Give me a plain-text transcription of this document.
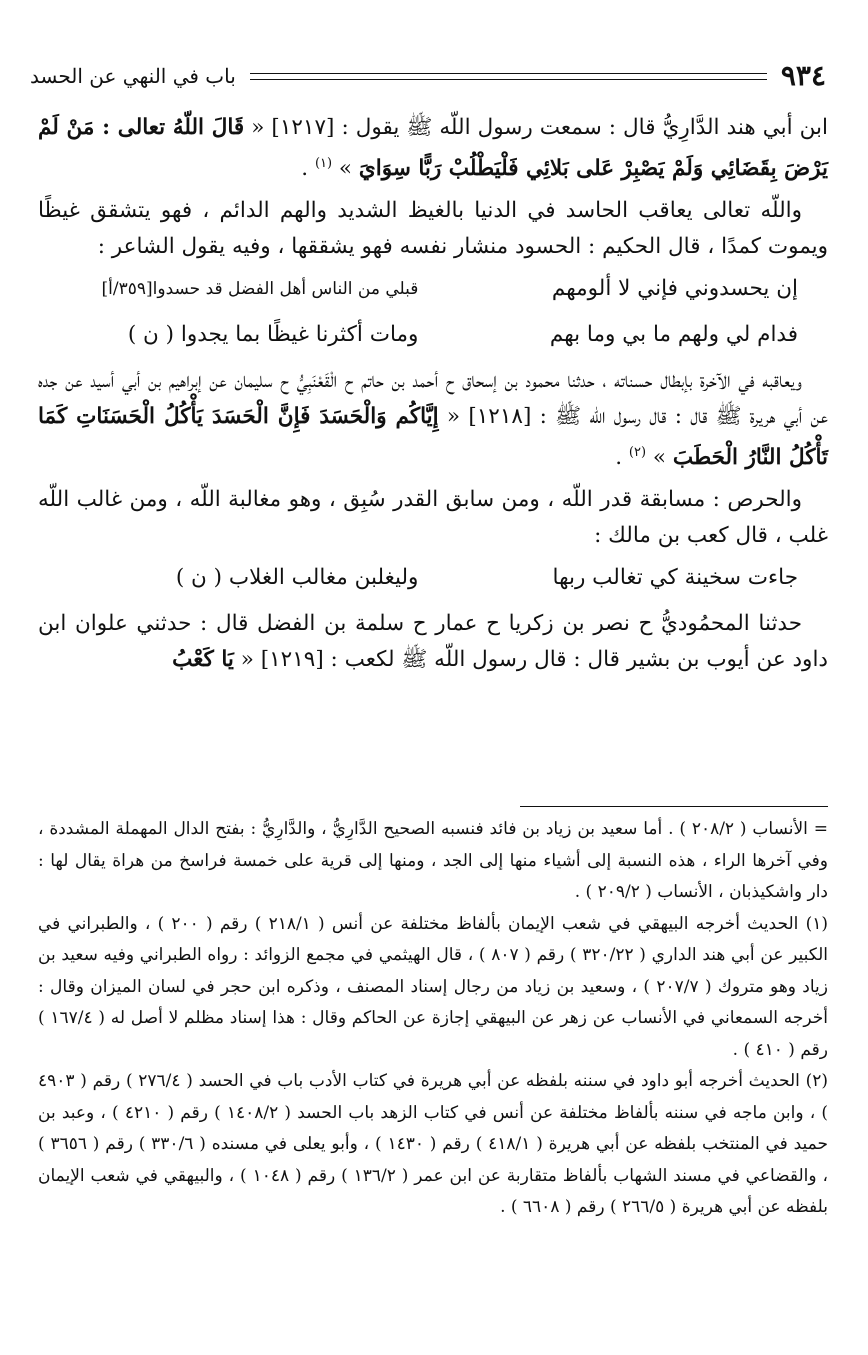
٩٣٤
باب في النهي عن الحسد

ابن أبي هند الدَّارِيُّ قال : سمعت رسول اللّه ﷺ يقول : [١٢١٧] « قَالَ اللّهُ تعالى : مَنْ لَمْ يَرْضَ بِقَضَائِي وَلَمْ يَصْبِرْ عَلى بَلائِي فَلْيَطْلُبْ رَبًّا سِوَايَ » $^{(١)}$ .

واللّه تعالى يعاقب الحاسد في الدنيا بالغيظ الشديد والهم الدائم ، فهو يتشقق غيظًا ويموت كمدًا ، قال الحكيم : الحسود منشار نفسه فهو يشققها ، وفيه يقول الشاعر :

إن يحسدوني فإني لا ألومهم
قبلي من الناس أهل الفضل قد حسدوا[٣٥٩/أ]
فدام لي ولهم ما بي وما بهم
ومات أكثرنا غيظًا بما يجدوا ( ن )

ويعاقبه في الآخرة بإبطال حسناته ، حدثنا محمود بن إسحاق ح أحمد بن حاتم ح الْقَعْنَبِيُّ ح سليمان عن إبراهيم بن أبي أسيد عن جده عن أبي هريرة ﷺ قال : قال رسول اللّه ﷺ : [١٢١٨] « إِيَّاكُم وَالْحَسَدَ فَإِنَّ الْحَسَدَ يَأْكُلُ الْحَسَنَاتِ كَمَا تَأْكُلُ النَّارُ الْحَطَبَ » $^{(٢)}$ .

والحرص : مسابقة قدر اللّه ، ومن سابق القدر سُبِق ، وهو مغالبة اللّه ، ومن غالب اللّه غلب ، قال كعب بن مالك :

جاءت سخينة كي تغالب ربها
وليغلبن مغالب الغلاب ( ن )

حدثنا المحمُوديُّ ح نصر بن زكريا ح عمار ح سلمة بن الفضل قال : حدثني علوان ابن داود عن أيوب بن بشير قال : قال رسول اللّه ﷺ لكعب : [١٢١٩] « يَا كَعْبُ

= الأنساب ( ٢٠٨/٢ ) . أما سعيد بن زياد بن فائد فنسبه الصحيح الدَّارِيُّ ، والدَّارِيُّ : بفتح الدال المهملة المشددة ، وفي آخرها الراء ، هذه النسبة إلى أشياء منها إلى الجد ، ومنها إلى قرية على خمسة فراسخ من هراة يقال لها : دار واشكيذبان ، الأنساب ( ٢٠٩/٢ ) .

(١) الحديث أخرجه البيهقي في شعب الإيمان بألفاظ مختلفة عن أنس ( ٢١٨/١ ) رقم ( ٢٠٠ ) ، والطبراني في الكبير عن أبي هند الداري ( ٣٢٠/٢٢ ) رقم ( ٨٠٧ ) ، قال الهيثمي في مجمع الزوائد : رواه الطبراني وفيه سعيد بن زياد وهو متروك ( ٢٠٧/٧ ) ، وسعيد بن زياد من رجال إسناد المصنف ، وذكره ابن حجر في لسان الميزان وقال : أخرجه السمعاني في الأنساب عن زهر عن البيهقي إجازة عن الحاكم وقال : هذا إسناد مظلم لا أصل له ( ١٦٧/٤ ) رقم ( ٤١٠ ) .

(٢) الحديث أخرجه أبو داود في سننه بلفظه عن أبي هريرة في كتاب الأدب باب في الحسد ( ٢٧٦/٤ ) رقم ( ٤٩٠٣ ) ، وابن ماجه في سننه بألفاظ مختلفة عن أنس في كتاب الزهد باب الحسد ( ١٤٠٨/٢ ) رقم ( ٤٢١٠ ) ، وعبد بن حميد في المنتخب بلفظه عن أبي هريرة ( ٤١٨/١ ) رقم ( ١٤٣٠ ) ، وأبو يعلى في مسنده ( ٣٣٠/٦ ) رقم ( ٣٦٥٦ ) ، والقضاعي في مسند الشهاب بألفاظ متقاربة عن ابن عمر ( ١٣٦/٢ ) رقم ( ١٠٤٨ ) ، والبيهقي في شعب الإيمان بلفظه عن أبي هريرة ( ٢٦٦/٥ ) رقم ( ٦٦٠٨ ) .
